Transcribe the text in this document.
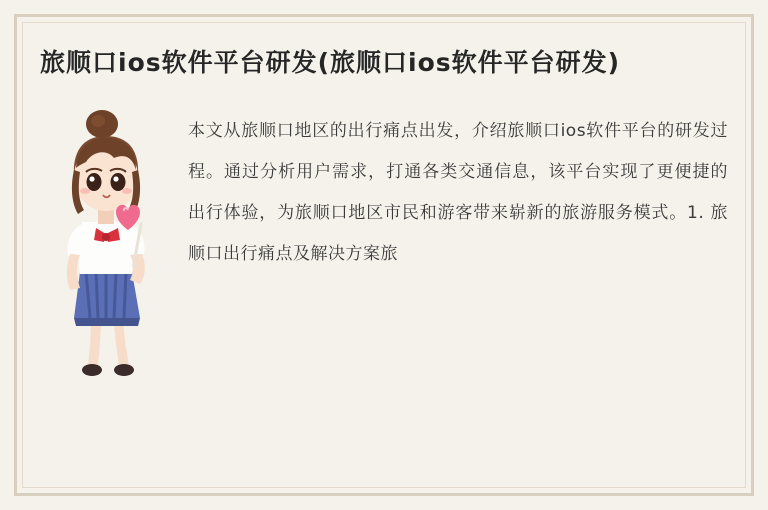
旅顺口ios软件平台研发(旅顺口ios软件平台研发)

本文从旅顺口地区的出行痛点出发，介绍旅顺口ios软件平台的研发过程。通过分析用户需求，打通各类交通信息，该平台实现了更便捷的出行体验，为旅顺口地区市民和游客带来崭新的旅游服务模式。1. 旅顺口出行痛点及解决方案旅
